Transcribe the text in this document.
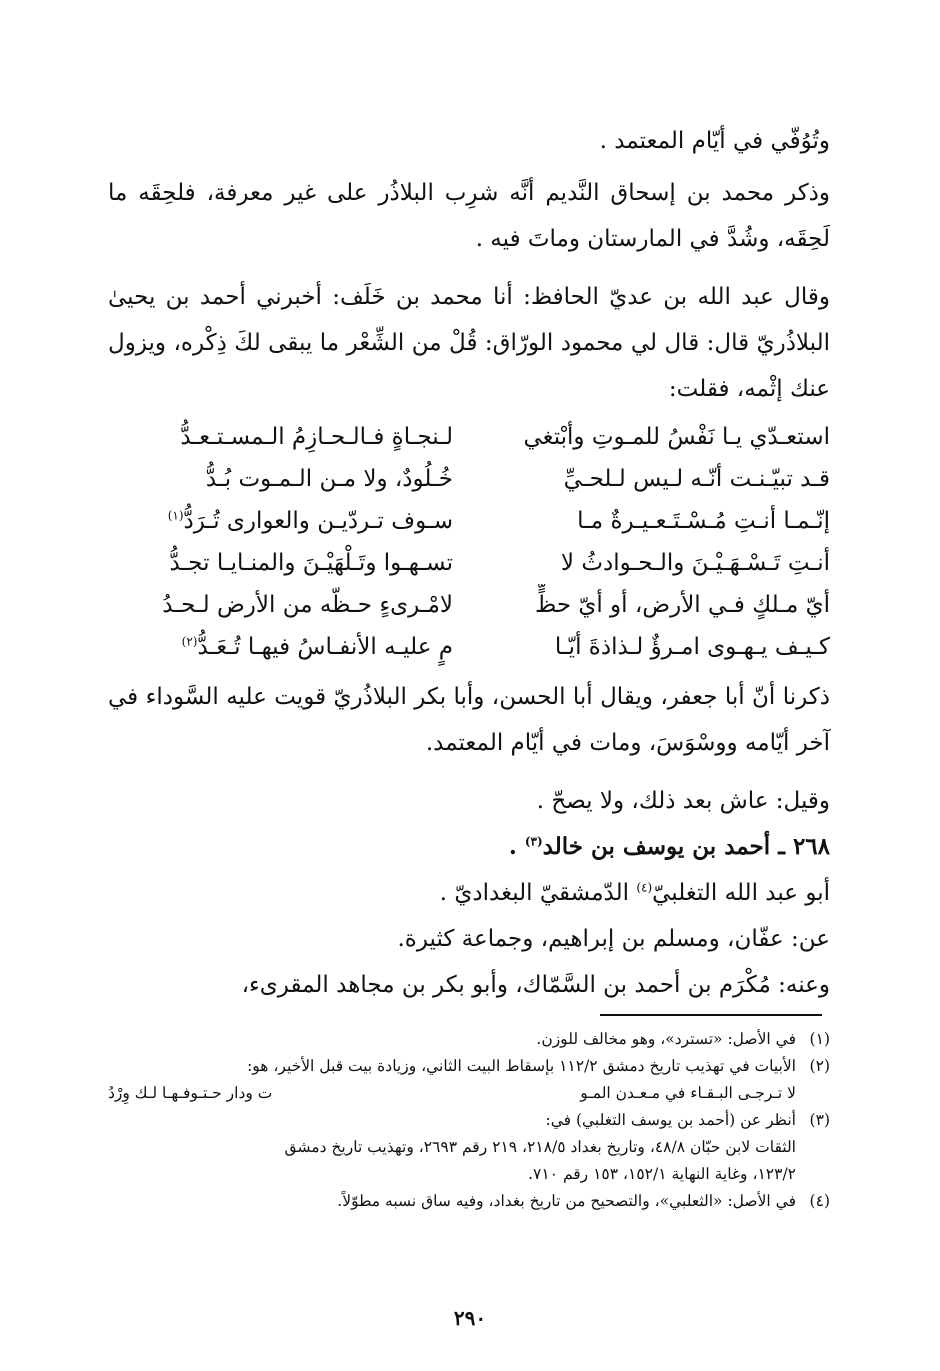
وتُوُفّي في أيّام المعتمد .

وذكر محمد بن إسحاق النَّديم أنَّه شرِب البلاذُر على غير معرفة، فلحِقَه ما لَحِقَه، وشُدَّ في المارستان وماتَ فيه .

وقال عبد الله بن عديّ الحافظ: أنا محمد بن خَلَف: أخبرني أحمد بن يحيىٰ البلاذُريّ قال: قال لي محمود الورّاق: قُلْ من الشِّعْر ما يبقى لكَ ذِكْره، ويزول عنك إثْمه، فقلت:

استعـدّي يـا نَفْسُ للمـوتِ وأبْتغي
لـنجـاةٍ فـالـحـازِمُ الـمسـتـعـدُّ
قـد تبيّـنـت أنّـه لـيس لـلحـيِّ
خُـلُودٌ، ولا مـن الـمـوت بُـدُّ
إنّـمـا أنـتِ مُـسْـتَـعـيـرةٌ مـا
سـوف تـردّيـن والعوارى تُـرَدُّ$^{(١)}$
أنـتِ تَـسْـهَـيْـنَ والـحـوادثُ لا
تسـهـوا وتَـلْهَيْـنَ والمنـايـا تجـدُّ
أيّ مـلكٍ فـي الأرض، أو أيّ حظٍّ
لامْـرىءٍ حـظّه من الأرض لـحـدُ
كـيـف يـهـوى امـرؤٌ لـذاذةَ أيّـا
مٍ عليـه الأنفـاسُ فيهـا تُـعَـدُّ$^{(٢)}$

ذكرنا أنّ أبا جعفر، ويقال أبا الحسن، وأبا بكر البلاذُريّ قويت عليه السَّوداء في آخر أيّامه ووسْوَسَ، ومات في أيّام المعتمد.

وقيل: عاش بعد ذلك، ولا يصحّ .

٢٦٨ ـ أحمد بن يوسف بن خالد$^{(٣)}$ .

أبو عبد الله التغلبيّ$^{(٤)}$ الدّمشقيّ البغداديّ .

عن: عفّان، ومسلم بن إبراهيم، وجماعة كثيرة.

وعنه: مُكْرَم بن أحمد بن السَّمّاك، وأبو بكر بن مجاهد المقرىء،

(١)في الأصل: «تسترد»، وهو مخالف للوزن.

(٢)الأبيات في تهذيب تاريخ دمشق ١١٢/٢ بإسقاط البيت الثاني، وزيادة بيت قبل الأخير، هو:

لا تـرجـى البـقـاء في مـعـدن المـو
ت ودار حـتـوفـهـا لـك وِرْدُ

(٣)أنظر عن (أحمد بن يوسف التغلبي) في:

الثقات لابن حبّان ٤٨/٨، وتاريخ بغداد ٢١٨/٥، ٢١٩ رقم ٢٦٩٣، وتهذيب تاريخ دمشق

١٢٣/٢، وغاية النهاية ١٥٢/١، ١٥٣ رقم ٧١٠.

(٤)في الأصل: «الثعلبي»، والتصحيح من تاريخ بغداد، وفيه ساق نسبه مطوّلاً.

٢٩٠
